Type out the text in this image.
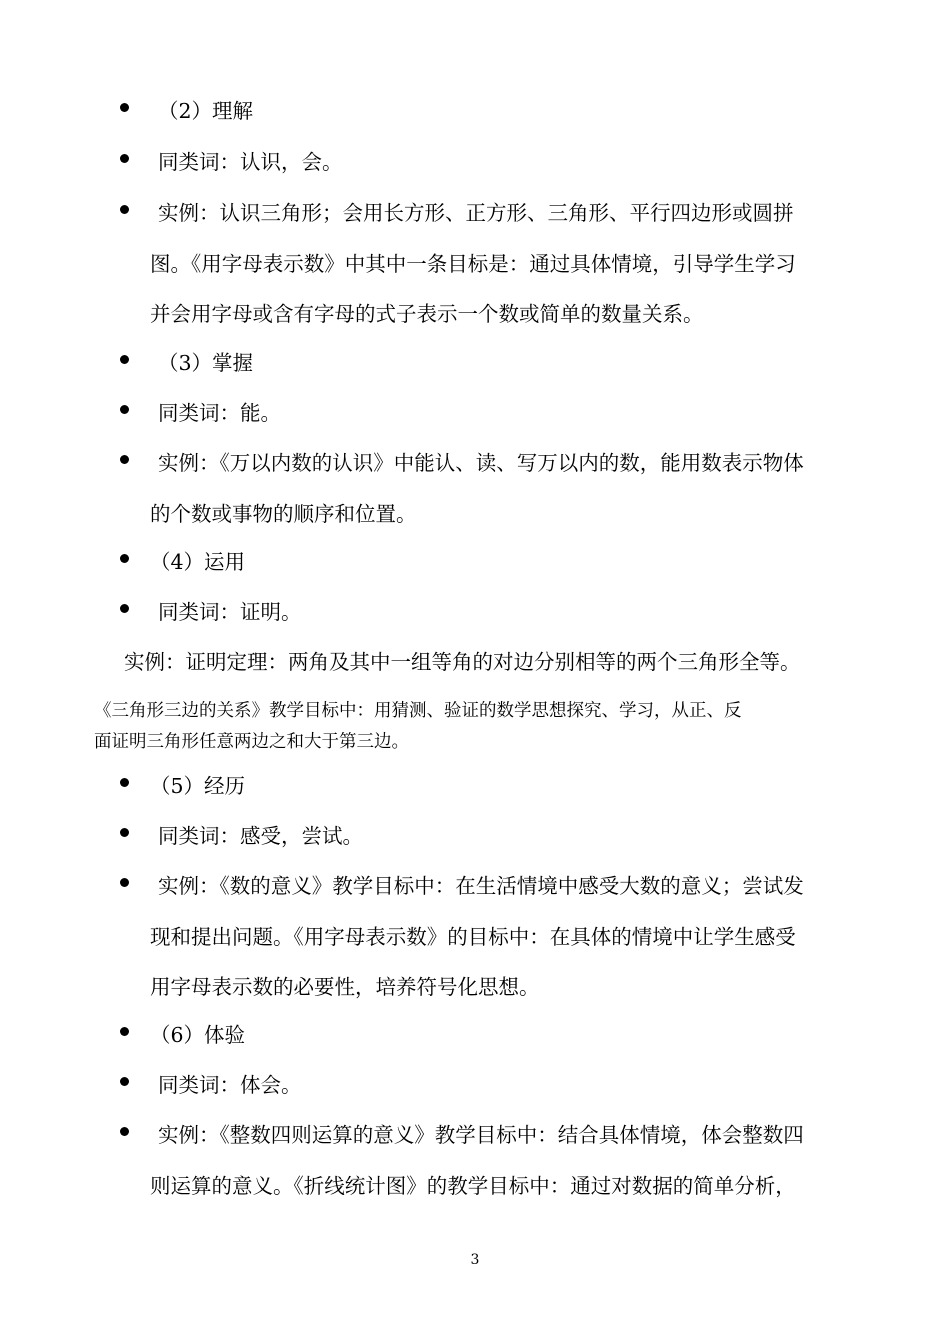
（2）理解
同类词：认识，会。
实例：认识三角形；会用长方形、正方形、三角形、平行四边形或圆拼
图。《用字母表示数》中其中一条目标是：通过具体情境，引导学生学习
并会用字母或含有字母的式子表示一个数或简单的数量关系。
（3）掌握
同类词：能。
实例：《万以内数的认识》中能认、读、写万以内的数，能用数表示物体
的个数或事物的顺序和位置。
（4）运用
同类词：证明。
实例：证明定理：两角及其中一组等角的对边分别相等的两个三角形全等。
《三角形三边的关系》教学目标中：用猜测、验证的数学思想探究、学习，从正、反
面证明三角形任意两边之和大于第三边。
（5）经历
同类词：感受，尝试。
实例：《数的意义》教学目标中：在生活情境中感受大数的意义；尝试发
现和提出问题。《用字母表示数》的目标中：在具体的情境中让学生感受
用字母表示数的必要性，培养符号化思想。
（6）体验
同类词：体会。
实例：《整数四则运算的意义》教学目标中：结合具体情境，体会整数四
则运算的意义。《折线统计图》的教学目标中：通过对数据的简单分析，
3
